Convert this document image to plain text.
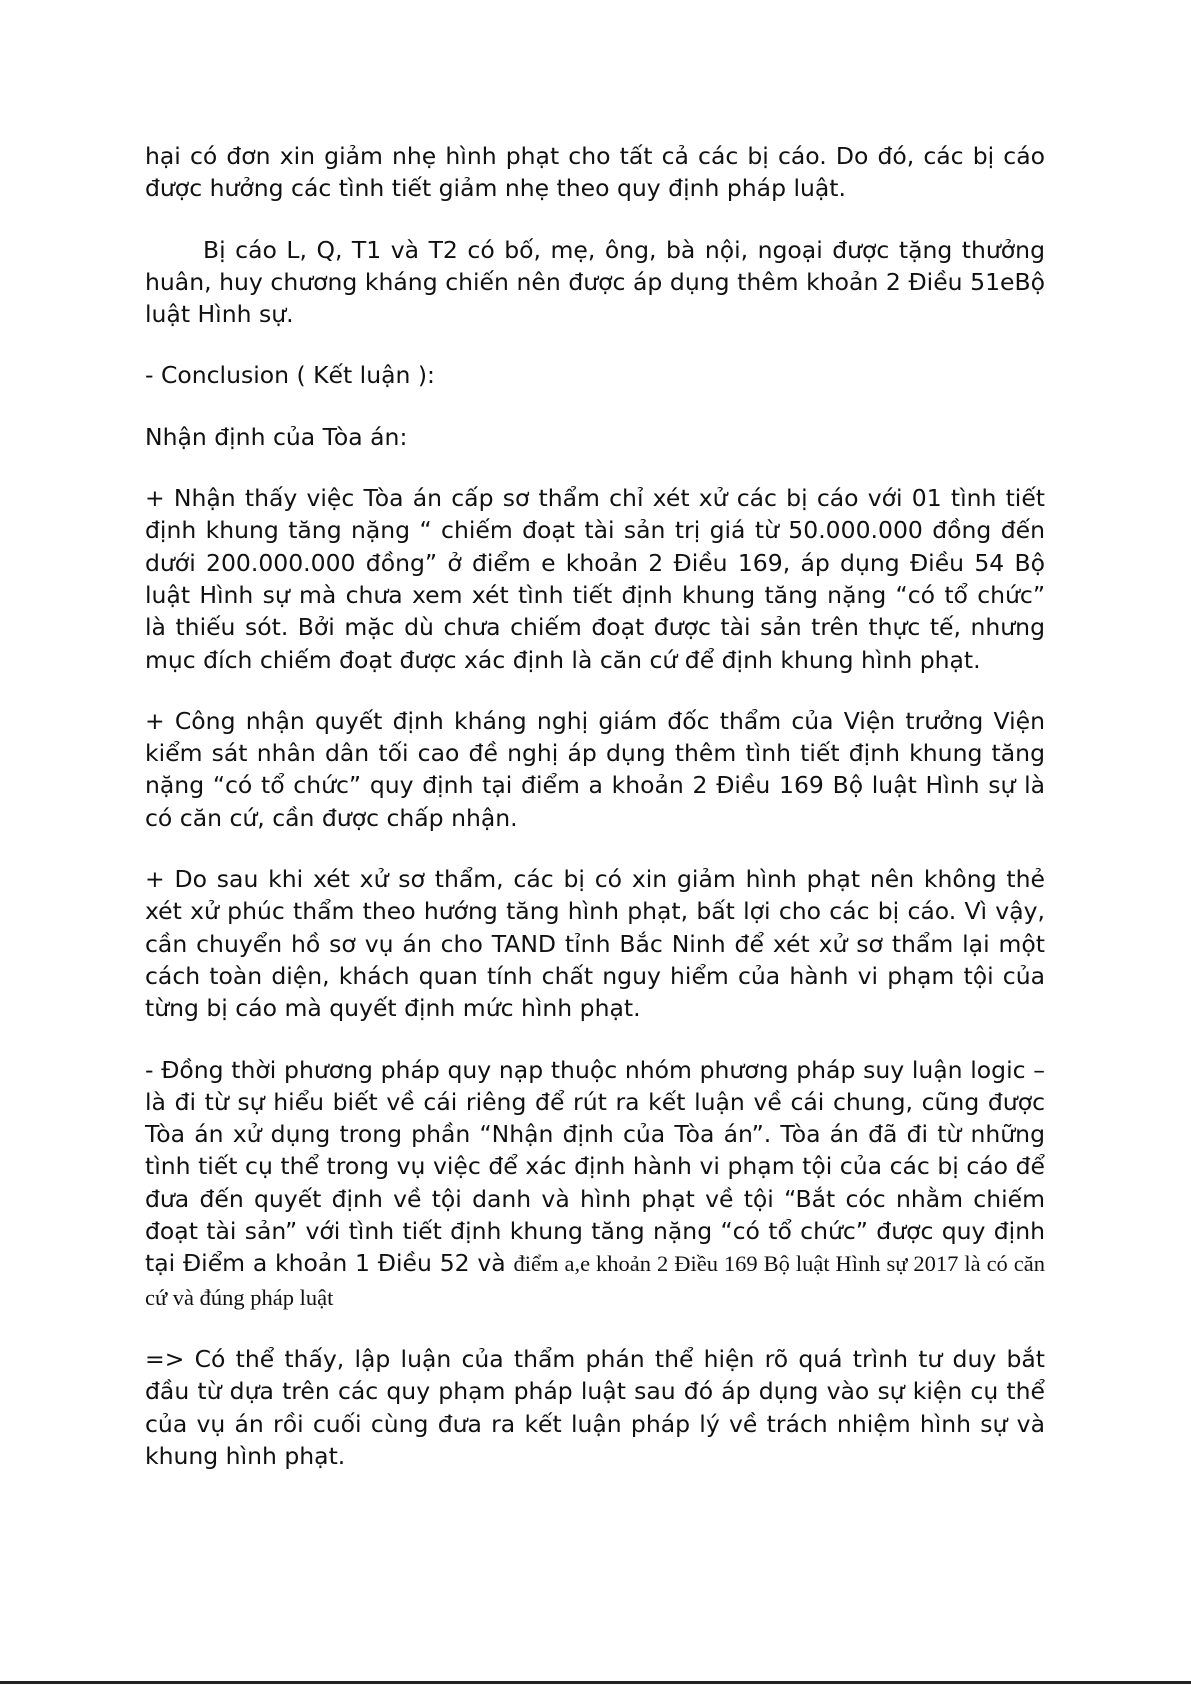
hại có đơn xin giảm nhẹ hình phạt cho tất cả các bị cáo. Do đó, các bị cáo được hưởng các tình tiết giảm nhẹ theo quy định pháp luật.

Bị cáo L, Q, T1 và T2 có bố, mẹ, ông, bà nội, ngoại được tặng thưởng huân, huy chương kháng chiến nên được áp dụng thêm khoản 2 Điều 51eBộ luật Hình sự.

- Conclusion ( Kết luận ):

Nhận định của Tòa án:

+ Nhận thấy việc Tòa án cấp sơ thẩm chỉ xét xử các bị cáo với 01 tình tiết định khung tăng nặng “ chiếm đoạt tài sản trị giá từ 50.000.000 đồng đến dưới 200.000.000 đồng” ở điểm e khoản 2 Điều 169, áp dụng Điều 54 Bộ luật Hình sự mà chưa xem xét tình tiết định khung tăng nặng “có tổ chức” là thiếu sót. Bởi mặc dù chưa chiếm đoạt được tài sản trên thực tế, nhưng mục đích chiếm đoạt được xác định là căn cứ để định khung hình phạt.

+ Công nhận quyết định kháng nghị giám đốc thẩm của Viện trưởng Viện kiểm sát nhân dân tối cao đề nghị áp dụng thêm tình tiết định khung tăng nặng “có tổ chức” quy định tại điểm a khoản 2 Điều 169 Bộ luật Hình sự là có căn cứ, cần được chấp nhận.

+ Do sau khi xét xử sơ thẩm, các bị có xin giảm hình phạt nên không thẻ xét xử phúc thẩm theo hướng tăng hình phạt, bất lợi cho các bị cáo. Vì vậy, cần chuyển hồ sơ vụ án cho TAND tỉnh Bắc Ninh để xét xử sơ thẩm lại một cách toàn diện, khách quan tính chất nguy hiểm của hành vi phạm tội của từng bị cáo mà quyết định mức hình phạt.

- Đồng thời phương pháp quy nạp thuộc nhóm phương pháp suy luận logic – là đi từ sự hiểu biết về cái riêng để rút ra kết luận về cái chung, cũng được Tòa án xử dụng trong phần “Nhận định của Tòa án”. Tòa án đã đi từ những tình tiết cụ thể trong vụ việc để xác định hành vi phạm tội của các bị cáo để đưa đến quyết định về tội danh và hình phạt về tội “Bắt cóc nhằm chiếm đoạt tài sản” với tình tiết định khung tăng nặng “có tổ chức” được quy định tại Điểm a khoản 1 Điều 52 và điểm a,e khoản 2 Điều 169 Bộ luật Hình sự 2017 là có căn cứ và đúng pháp luật

=> Có thể thấy, lập luận của thẩm phán thể hiện rõ quá trình tư duy bắt đầu từ dựa trên các quy phạm pháp luật sau đó áp dụng vào sự kiện cụ thể của vụ án rồi cuối cùng đưa ra kết luận pháp lý về trách nhiệm hình sự và khung hình phạt.
